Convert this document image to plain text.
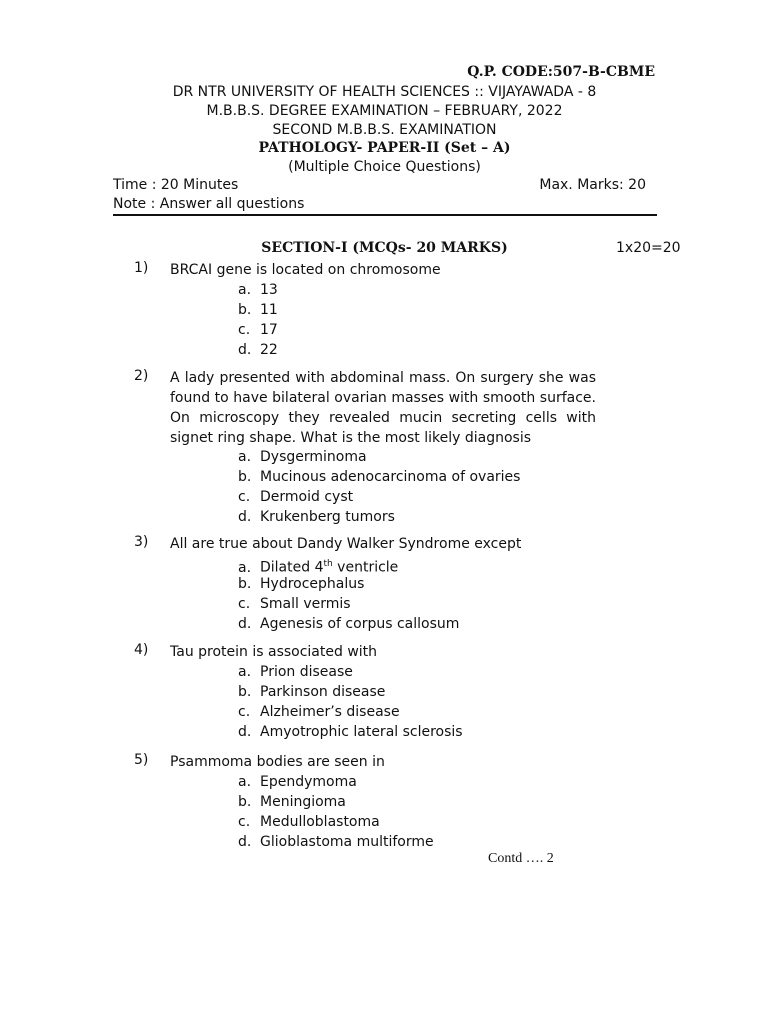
Q.P. CODE:507-B-CBME
DR NTR UNIVERSITY OF HEALTH SCIENCES :: VIJAYAWADA - 8
M.B.B.S. DEGREE EXAMINATION – FEBRUARY, 2022
SECOND M.B.B.S. EXAMINATION
PATHOLOGY- PAPER-II (Set – A)
(Multiple Choice Questions)
Time : 20 Minutes	Max. Marks: 20
Note : Answer all questions
SECTION-I (MCQs- 20 MARKS)	1x20=20
1) BRCAI gene is located on chromosome
a. 13
b. 11
c. 17
d. 22
2) A lady presented with abdominal mass. On surgery she was found to have bilateral ovarian masses with smooth surface. On microscopy they revealed mucin secreting cells with signet ring shape. What is the most likely diagnosis
a. Dysgerminoma
b. Mucinous adenocarcinoma of ovaries
c. Dermoid cyst
d. Krukenberg tumors
3) All are true about Dandy Walker Syndrome except
a. Dilated 4th ventricle
b. Hydrocephalus
c. Small vermis
d. Agenesis of corpus callosum
4) Tau protein is associated with
a. Prion disease
b. Parkinson disease
c. Alzheimer’s disease
d. Amyotrophic lateral sclerosis
5) Psammoma bodies are seen in
a. Ependymoma
b. Meningioma
c. Medulloblastoma
d. Glioblastoma multiforme
Contd …. 2
